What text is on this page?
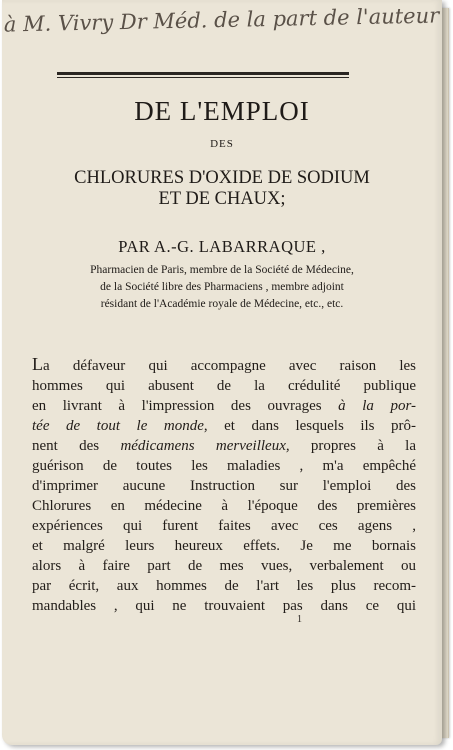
à M. Vivry Dr Méd. de la part de l'auteur
DE L'EMPLOI
DES
CHLORURES D'OXIDE DE SODIUM
ET DE CHAUX;
PAR A.-G. LABARRAQUE ,
Pharmacien de Paris, membre de la Société de Médecine,
de la Société libre des Pharmaciens , membre adjoint
résidant de l'Académie royale de Médecine, etc., etc.

La défaveur qui accompagne avec raison les

hommes qui abusent de la crédulité publique

en livrant à l'impression des ouvrages à la por-

tée de tout le monde, et dans lesquels ils prô-

nent des médicamens merveilleux, propres à la

guérison de toutes les maladies , m'a empêché

d'imprimer aucune Instruction sur l'emploi des

Chlorures en médecine à l'époque des premières

expériences qui furent faites avec ces agens ,

et malgré leurs heureux effets. Je me bornais

alors à faire part de mes vues, verbalement ou

par écrit, aux hommes de l'art les plus recom-

mandables , qui ne trouvaient pas dans ce qui

1
